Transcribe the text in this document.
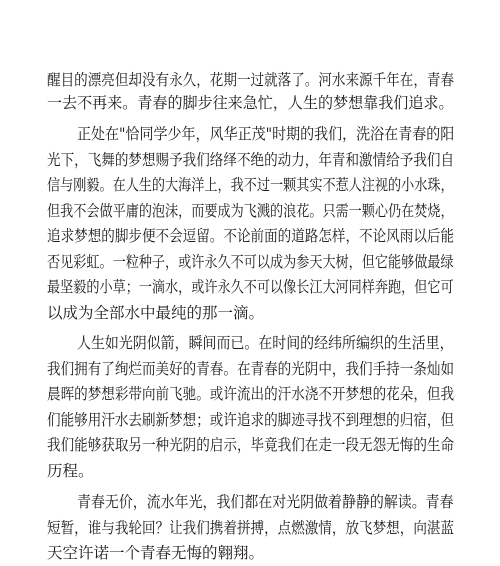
醒目的漂亮但却没有永久，花期一过就落了。河水来源千年在，青春
一去不再来。青春的脚步往来急忙，人生的梦想靠我们追求。
正处在"恰同学少年，风华正茂"时期的我们，洗浴在青春的阳
光下，飞舞的梦想赐予我们络绎不绝的动力，年青和激情给予我们自
信与刚毅。在人生的大海洋上，我不过一颗其实不惹人注视的小水珠，
但我不会做平庸的泡沫，而要成为飞溅的浪花。只需一颗心仍在焚烧，
追求梦想的脚步便不会逗留。不论前面的道路怎样，不论风雨以后能
否见彩虹。一粒种子，或许永久不可以成为参天大树，但它能够做最绿
最坚毅的小草；一滴水，或许永久不可以像长江大河同样奔跑，但它可
以成为全部水中最纯的那一滴。
人生如光阴似箭，瞬间而已。在时间的经纬所编织的生活里，
我们拥有了绚烂而美好的青春。在青春的光阴中，我们手持一条灿如
晨晖的梦想彩带向前飞驰。或许流出的汗水浇不开梦想的花朵，但我
们能够用汗水去刷新梦想；或许追求的脚迹寻找不到理想的归宿，但
我们能够获取另一种光阴的启示，毕竟我们在走一段无怨无悔的生命
历程。
青春无价，流水年光，我们都在对光阴做着静静的解读。青春
短暂，谁与我轮回？让我们携着拼搏，点燃激情，放飞梦想，向湛蓝
天空许诺一个青春无悔的翱翔。
